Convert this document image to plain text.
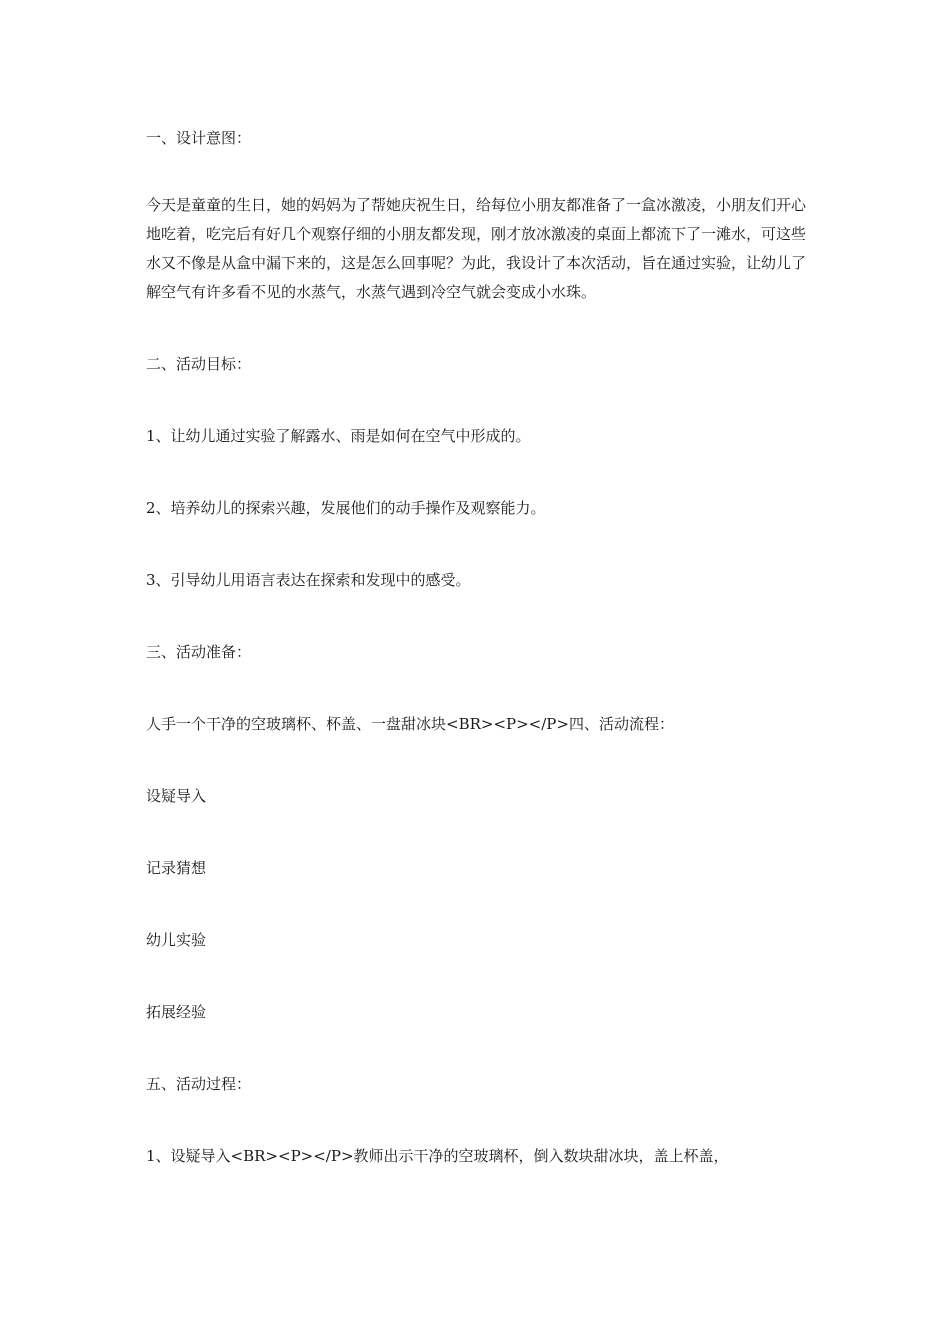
一、设计意图：

今天是童童的生日，她的妈妈为了帮她庆祝生日，给每位小朋友都准备了一盒冰激凌，小朋友们开心地吃着，吃完后有好几个观察仔细的小朋友都发现，刚才放冰激凌的桌面上都流下了一滩水，可这些水又不像是从盒中漏下来的，这是怎么回事呢？为此，我设计了本次活动，旨在通过实验，让幼儿了解空气有许多看不见的水蒸气，水蒸气遇到冷空气就会变成小水珠。

二、活动目标：

1、让幼儿通过实验了解露水、雨是如何在空气中形成的。

2、培养幼儿的探索兴趣，发展他们的动手操作及观察能力。

3、引导幼儿用语言表达在探索和发现中的感受。

三、活动准备：

人手一个干净的空玻璃杯、杯盖、一盘甜冰块<BR><P></P>四、活动流程：

设疑导入

记录猜想

幼儿实验

拓展经验

五、活动过程：

1、设疑导入<BR><P></P>教师出示干净的空玻璃杯，倒入数块甜冰块，盖上杯盖，
